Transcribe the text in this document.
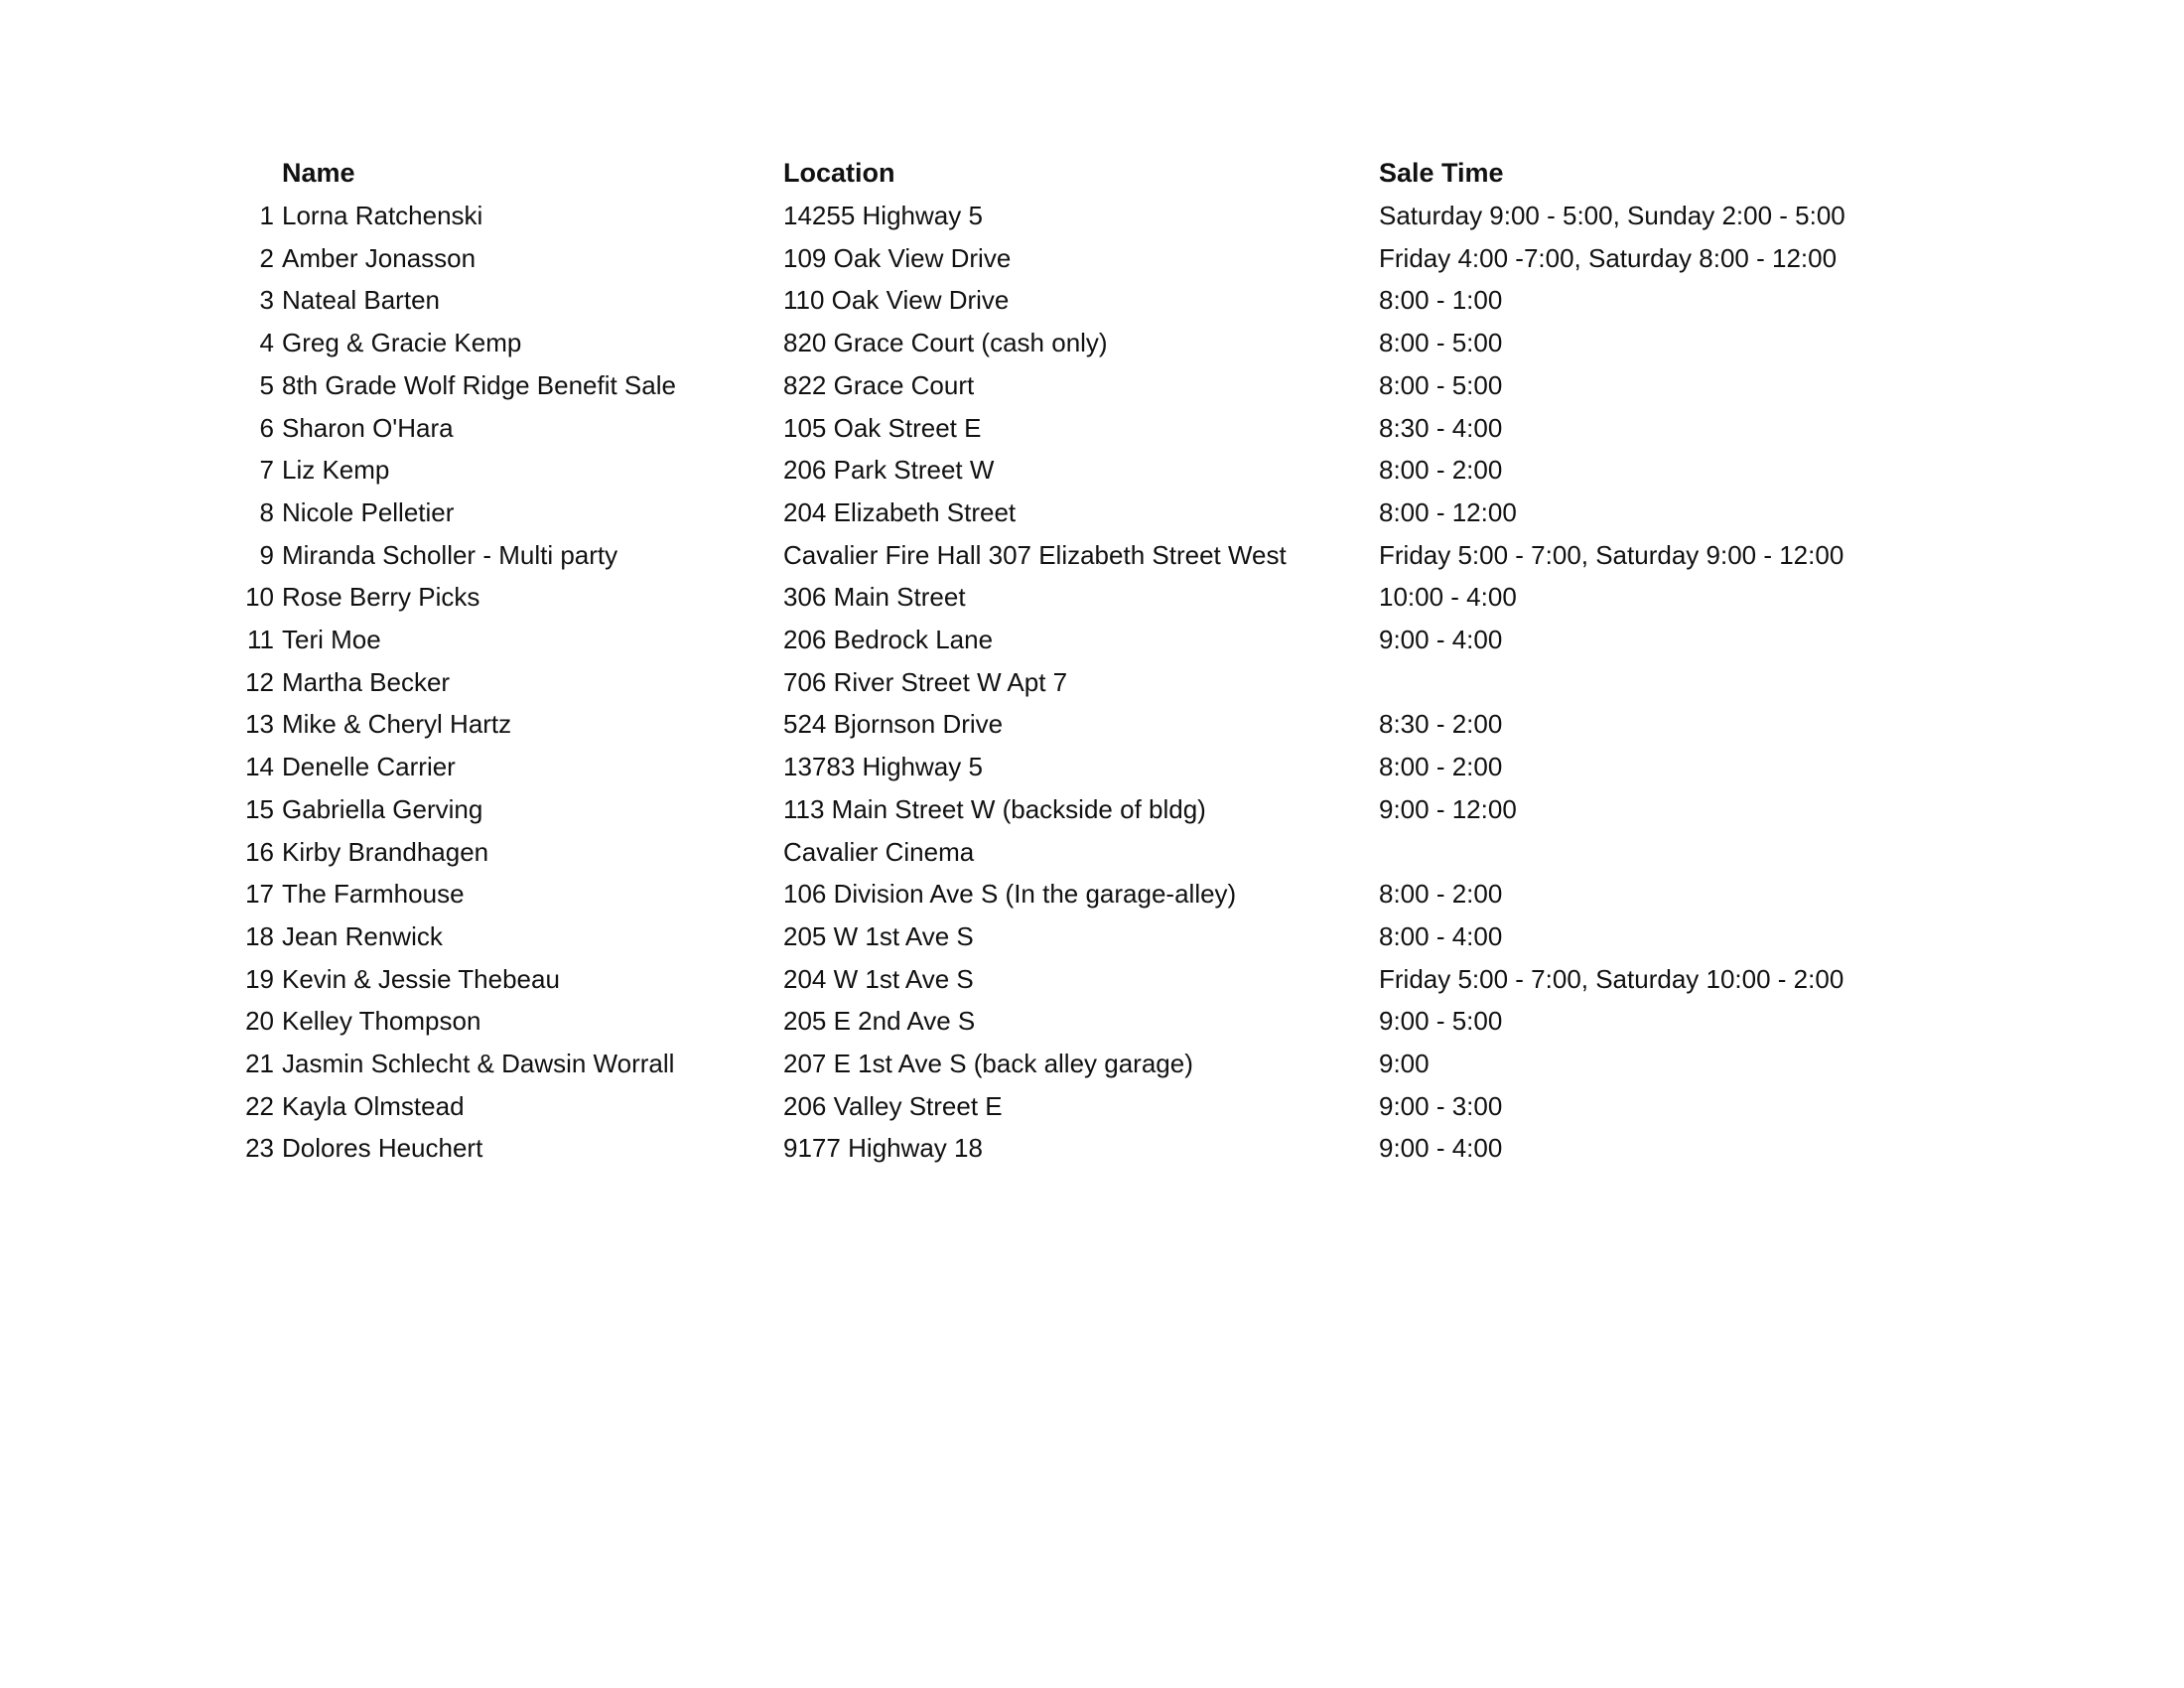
Name	Location	Sale Time
1 Lorna Ratchenski	14255 Highway 5	Saturday 9:00 - 5:00, Sunday 2:00 - 5:00
2 Amber Jonasson	109 Oak View Drive	Friday 4:00 -7:00, Saturday 8:00 - 12:00
3 Nateal Barten	110 Oak View Drive	8:00 - 1:00
4 Greg & Gracie Kemp	820 Grace Court (cash only)	8:00 - 5:00
5 8th Grade Wolf Ridge Benefit Sale	822 Grace Court	8:00 - 5:00
6 Sharon O'Hara	105 Oak Street E	8:30 - 4:00
7 Liz Kemp	206 Park Street W	8:00 - 2:00
8 Nicole Pelletier	204 Elizabeth Street	8:00 - 12:00
9 Miranda Scholler - Multi party	Cavalier Fire Hall 307 Elizabeth Street West	Friday 5:00 - 7:00, Saturday 9:00 - 12:00
10 Rose Berry Picks	306 Main Street	10:00 - 4:00
11 Teri Moe	206 Bedrock Lane	9:00 - 4:00
12 Martha Becker	706 River Street W Apt 7
13 Mike & Cheryl Hartz	524 Bjornson Drive	8:30 - 2:00
14 Denelle Carrier	13783 Highway 5	8:00 - 2:00
15 Gabriella Gerving	113 Main Street W (backside of bldg)	9:00 - 12:00
16 Kirby Brandhagen	Cavalier Cinema
17 The Farmhouse	106 Division Ave S (In the garage-alley)	8:00 - 2:00
18 Jean Renwick	205 W 1st Ave S	8:00 - 4:00
19 Kevin & Jessie Thebeau	204 W 1st Ave S	Friday 5:00 - 7:00, Saturday 10:00 - 2:00
20 Kelley Thompson	205 E 2nd Ave S	9:00 - 5:00
21 Jasmin Schlecht & Dawsin Worrall	207 E 1st Ave S (back alley garage)	9:00
22 Kayla Olmstead	206 Valley Street E	9:00 - 3:00
23 Dolores Heuchert	9177 Highway 18	9:00 - 4:00
